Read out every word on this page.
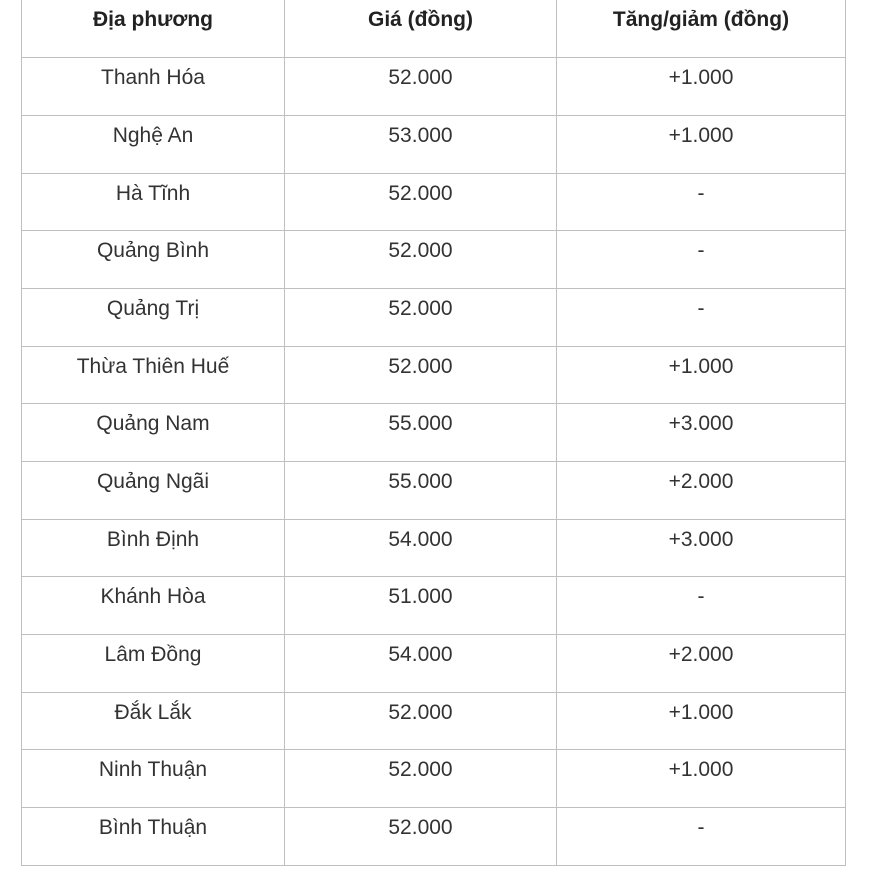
Địa phương	Giá (đồng)	Tăng/giảm (đồng)
Thanh Hóa	52.000	+1.000
Nghệ An	53.000	+1.000
Hà Tĩnh	52.000	-
Quảng Bình	52.000	-
Quảng Trị	52.000	-
Thừa Thiên Huế	52.000	+1.000
Quảng Nam	55.000	+3.000
Quảng Ngãi	55.000	+2.000
Bình Định	54.000	+3.000
Khánh Hòa	51.000	-
Lâm Đồng	54.000	+2.000
Đắk Lắk	52.000	+1.000
Ninh Thuận	52.000	+1.000
Bình Thuận	52.000	-
